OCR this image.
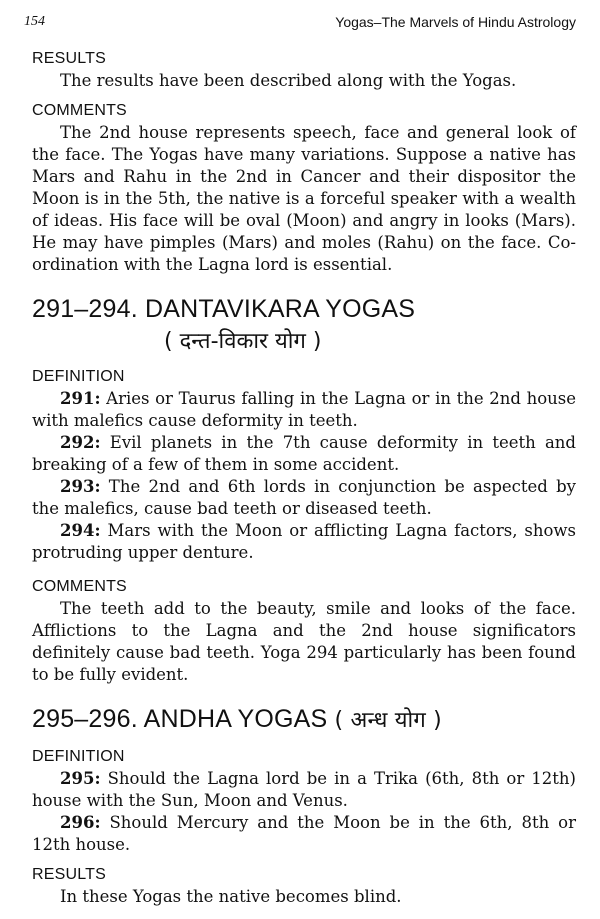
154	Yogas–The Marvels of Hindu Astrology
RESULTS

The results have been described along with the Yogas.

COMMENTS

The 2nd house represents speech, face and general look of the face. The Yogas have many variations. Suppose a native has Mars and Rahu in the 2nd in Cancer and their dispositor the Moon is in the 5th, the native is a forceful speaker with a wealth of ideas. His face will be oval (Moon) and angry in looks (Mars). He may have pimples (Mars) and moles (Rahu) on the face. Co-ordination with the Lagna lord is essential.

291–294. DANTAVIKARA YOGAS
( दन्त-विकार योग )
DEFINITION

291: Aries or Taurus falling in the Lagna or in the 2nd house with malefics cause deformity in teeth.

292: Evil planets in the 7th cause deformity in teeth and breaking of a few of them in some accident.

293: The 2nd and 6th lords in conjunction be aspected by the malefics, cause bad teeth or diseased teeth.

294: Mars with the Moon or afflicting Lagna factors, shows protruding upper denture.

COMMENTS

The teeth add to the beauty, smile and looks of the face. Afflictions to the Lagna and the 2nd house significators definitely cause bad teeth. Yoga 294 particularly has been found to be fully evident.

295–296. ANDHA YOGAS ( अन्ध योग )
DEFINITION

295: Should the Lagna lord be in a Trika (6th, 8th or 12th) house with the Sun, Moon and Venus.

296: Should Mercury and the Moon be in the 6th, 8th or 12th house.

RESULTS

In these Yogas the native becomes blind.
